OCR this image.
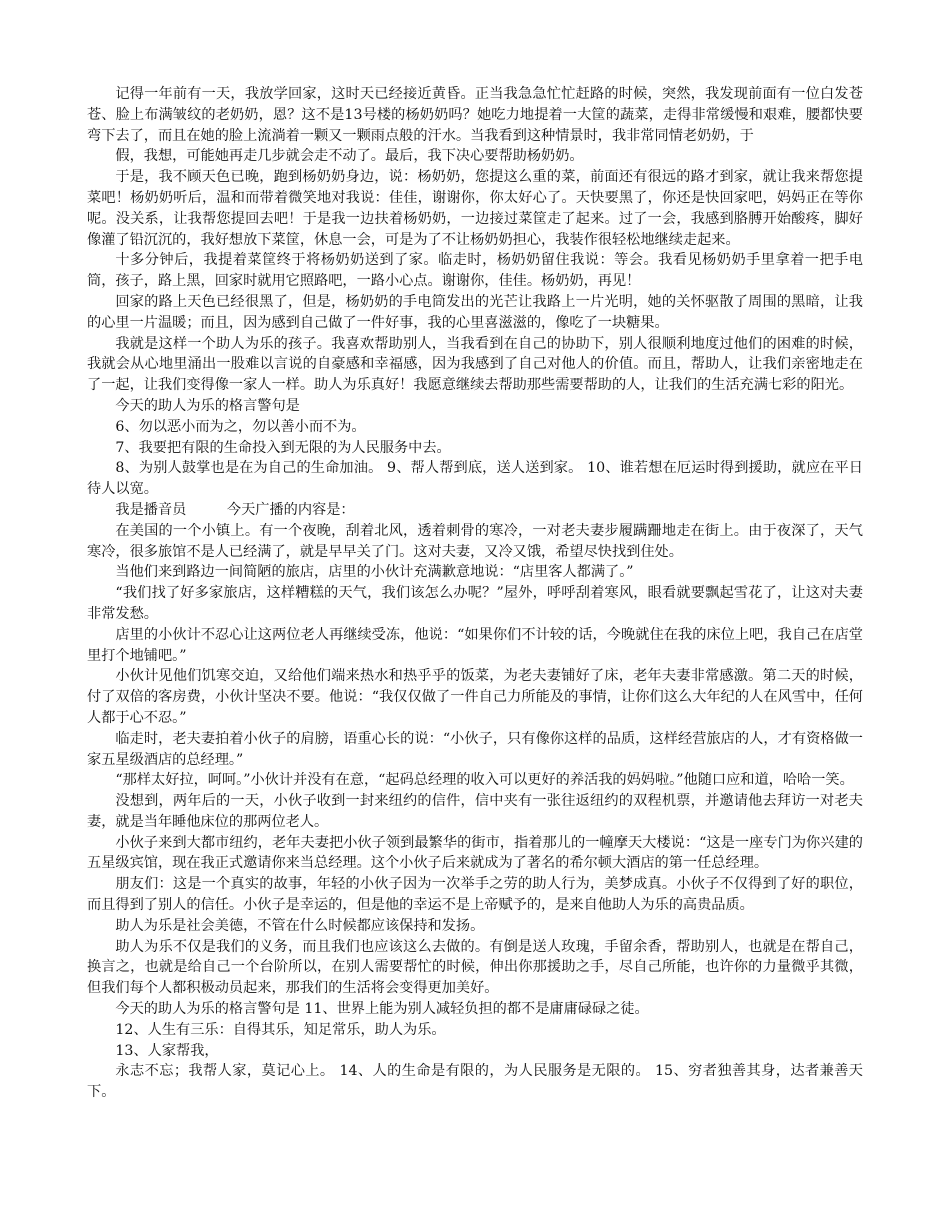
记得一年前有一天，我放学回家，这时天已经接近黄昏。正当我急急忙忙赶路的时候，突然，我发现前面有一位白发苍苍、脸上布满皱纹的老奶奶，恩？这不是13号楼的杨奶奶吗？她吃力地提着一大筐的蔬菜，走得非常缓慢和艰难，腰都快要弯下去了，而且在她的脸上流淌着一颗又一颗雨点般的汗水。当我看到这种情景时，我非常同情老奶奶，于

假，我想，可能她再走几步就会走不动了。最后，我下决心要帮助杨奶奶。

于是，我不顾天色已晚，跑到杨奶奶身边，说：杨奶奶，您提这么重的菜，前面还有很远的路才到家，就让我来帮您提菜吧！杨奶奶听后，温和而带着微笑地对我说：佳佳，谢谢你，你太好心了。天快要黑了，你还是快回家吧，妈妈正在等你呢。没关系，让我帮您提回去吧！于是我一边扶着杨奶奶，一边接过菜筐走了起来。过了一会，我感到胳膊开始酸疼，脚好像灌了铅沉沉的，我好想放下菜筐，休息一会，可是为了不让杨奶奶担心，我装作很轻松地继续走起来。

十多分钟后，我提着菜筐终于将杨奶奶送到了家。临走时，杨奶奶留住我说：等会。我看见杨奶奶手里拿着一把手电筒，孩子，路上黑，回家时就用它照路吧，一路小心点。谢谢你，佳佳。杨奶奶，再见！

回家的路上天色已经很黑了，但是，杨奶奶的手电筒发出的光芒让我路上一片光明，她的关怀驱散了周围的黑暗，让我的心里一片温暖；而且，因为感到自己做了一件好事，我的心里喜滋滋的，像吃了一块糖果。

我就是这样一个助人为乐的孩子。我喜欢帮助别人，当我看到在自己的协助下，别人很顺利地度过他们的困难的时候，我就会从心地里涌出一股难以言说的自豪感和幸福感，因为我感到了自己对他人的价值。而且，帮助人，让我们亲密地走在了一起，让我们变得像一家人一样。助人为乐真好！我愿意继续去帮助那些需要帮助的人，让我们的生活充满七彩的阳光。

今天的助人为乐的格言警句是

6、勿以恶小而为之，勿以善小而不为。

7、我要把有限的生命投入到无限的为人民服务中去。

8、为别人鼓掌也是在为自己的生命加油。 9、帮人帮到底，送人送到家。 10、谁若想在厄运时得到援助，就应在平日待人以宽。

我是播音员         今天广播的内容是：

在美国的一个小镇上。有一个夜晚，刮着北风，透着刺骨的寒冷，一对老夫妻步履蹒跚地走在街上。由于夜深了，天气寒冷，很多旅馆不是人已经满了，就是早早关了门。这对夫妻，又冷又饿，希望尽快找到住处。

当他们来到路边一间简陋的旅店，店里的小伙计充满歉意地说：“店里客人都满了。”

“我们找了好多家旅店，这样糟糕的天气，我们该怎么办呢？”屋外，呼呼刮着寒风，眼看就要飘起雪花了，让这对夫妻非常发愁。

店里的小伙计不忍心让这两位老人再继续受冻，他说：“如果你们不计较的话，今晚就住在我的床位上吧，我自己在店堂里打个地铺吧。”

小伙计见他们饥寒交迫，又给他们端来热水和热乎乎的饭菜，为老夫妻铺好了床，老年夫妻非常感激。第二天的时候，付了双倍的客房费，小伙计坚决不要。他说：“我仅仅做了一件自己力所能及的事情，让你们这么大年纪的人在风雪中，任何人都于心不忍。”

临走时，老夫妻拍着小伙子的肩膀，语重心长的说：“小伙子，只有像你这样的品质，这样经营旅店的人，才有资格做一家五星级酒店的总经理。”

“那样太好拉，呵呵。”小伙计并没有在意，“起码总经理的收入可以更好的养活我的妈妈啦。”他随口应和道，哈哈一笑。

没想到，两年后的一天，小伙子收到一封来纽约的信件，信中夹有一张往返纽约的双程机票，并邀请他去拜访一对老夫妻，就是当年睡他床位的那两位老人。

小伙子来到大都市纽约，老年夫妻把小伙子领到最繁华的街市，指着那儿的一幢摩天大楼说：“这是一座专门为你兴建的五星级宾馆，现在我正式邀请你来当总经理。这个小伙子后来就成为了著名的希尔顿大酒店的第一任总经理。

朋友们：这是一个真实的故事，年轻的小伙子因为一次举手之劳的助人行为，美梦成真。小伙子不仅得到了好的职位，而且得到了别人的信任。小伙子是幸运的，但是他的幸运不是上帝赋予的，是来自他助人为乐的高贵品质。

助人为乐是社会美德，不管在什么时候都应该保持和发扬。

助人为乐不仅是我们的义务，而且我们也应该这么去做的。有倒是送人玫瑰，手留余香，帮助别人，也就是在帮自己，换言之，也就是给自己一个台阶所以，在别人需要帮忙的时候，伸出你那援助之手，尽自己所能，也许你的力量微乎其微，但我们每个人都积极动员起来，那我们的生活将会变得更加美好。

今天的助人为乐的格言警句是 11、世界上能为别人减轻负担的都不是庸庸碌碌之徒。

12、人生有三乐：自得其乐，知足常乐，助人为乐。

13、人家帮我，

永志不忘；我帮人家，莫记心上。 14、人的生命是有限的，为人民服务是无限的。 15、穷者独善其身，达者兼善天下。
